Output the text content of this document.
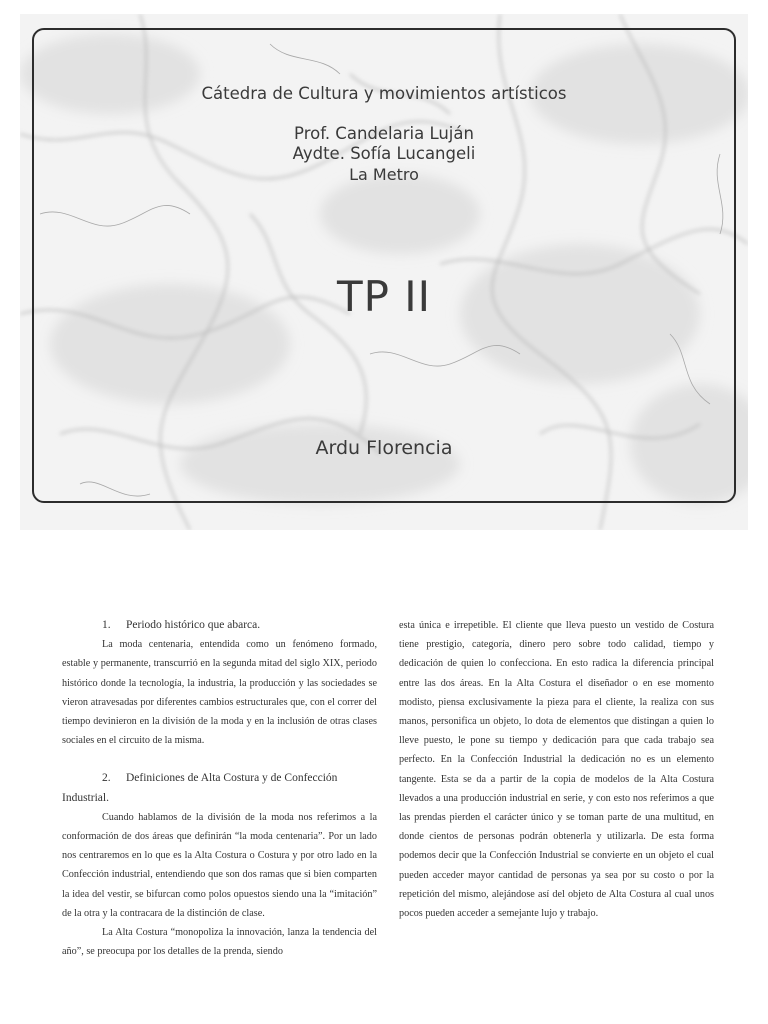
Cátedra de Cultura y movimientos artísticos
Prof. Candelaria Luján
Aydte. Sofía Lucangeli
La Metro
TP II
Ardu Florencia

1. Periodo histórico que abarca.

La moda centenaria, entendida como un fenómeno formado, estable y permanente, transcurrió en la segunda mitad del siglo XIX, periodo histórico donde la tecnología, la industria, la producción y las sociedades se vieron atravesadas por diferentes cambios estructurales que, con el correr del tiempo devinieron en la división de la moda y en la inclusión de otras clases sociales en el circuito de la misma.

2. Definiciones de Alta Costura y de Confección
Industrial.

Cuando hablamos de la división de la moda nos referimos a la conformación de dos áreas que definirán “la moda centenaria”. Por un lado nos centraremos en lo que es la Alta Costura o Costura y por otro lado en la Confección industrial, entendiendo que son dos ramas que si bien comparten la idea del vestir, se bifurcan como polos opuestos siendo una la “imitación” de la otra y la contracara de la distinción de clase.

La Alta Costura “monopoliza la innovación, lanza la tendencia del año”, se preocupa por los detalles de la prenda, siendo

esta única e irrepetible. El cliente que lleva puesto un vestido de Costura tiene prestigio, categoría, dinero pero sobre todo calidad, tiempo y dedicación de quien lo confecciona. En esto radica la diferencia principal entre las dos áreas. En la Alta Costura el diseñador o en ese momento modisto, piensa exclusivamente la pieza para el cliente, la realiza con sus manos, personifica un objeto, lo dota de elementos que distingan a quien lo lleve puesto, le pone su tiempo y dedicación para que cada trabajo sea perfecto. En la Confección Industrial la dedicación no es un elemento tangente. Esta se da a partir de la copia de modelos de la Alta Costura llevados a una producción industrial en serie, y con esto nos referimos a que las prendas pierden el carácter único y se toman parte de una multitud, en donde cientos de personas podrán obtenerla y utilizarla. De esta forma podemos decir que la Confección Industrial se convierte en un objeto el cual pueden acceder mayor cantidad de personas ya sea por su costo o por la repetición del mismo, alejándose así del objeto de Alta Costura al cual unos pocos pueden acceder a semejante lujo y trabajo.
